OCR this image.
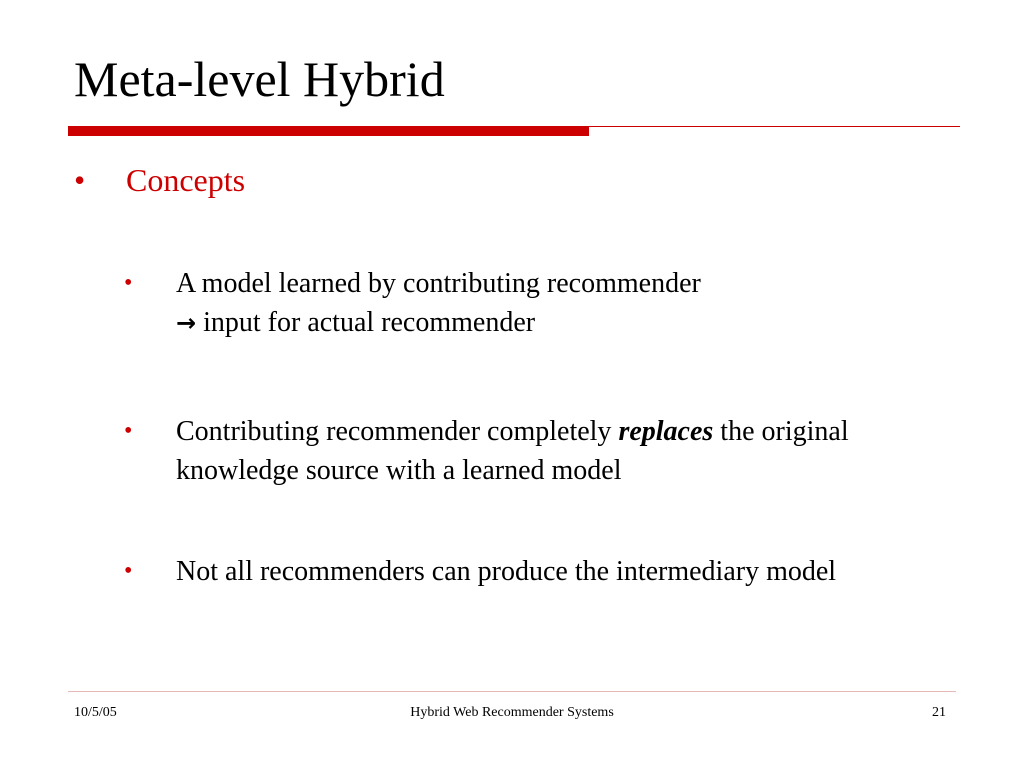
Meta-level Hybrid
•	Concepts
•	A model learned by contributing recommender
→ input for actual recommender
•	Contributing recommender completely replaces the original knowledge source with a learned model
•	Not all recommenders can produce the intermediary model
10/5/05	Hybrid Web Recommender Systems	21
